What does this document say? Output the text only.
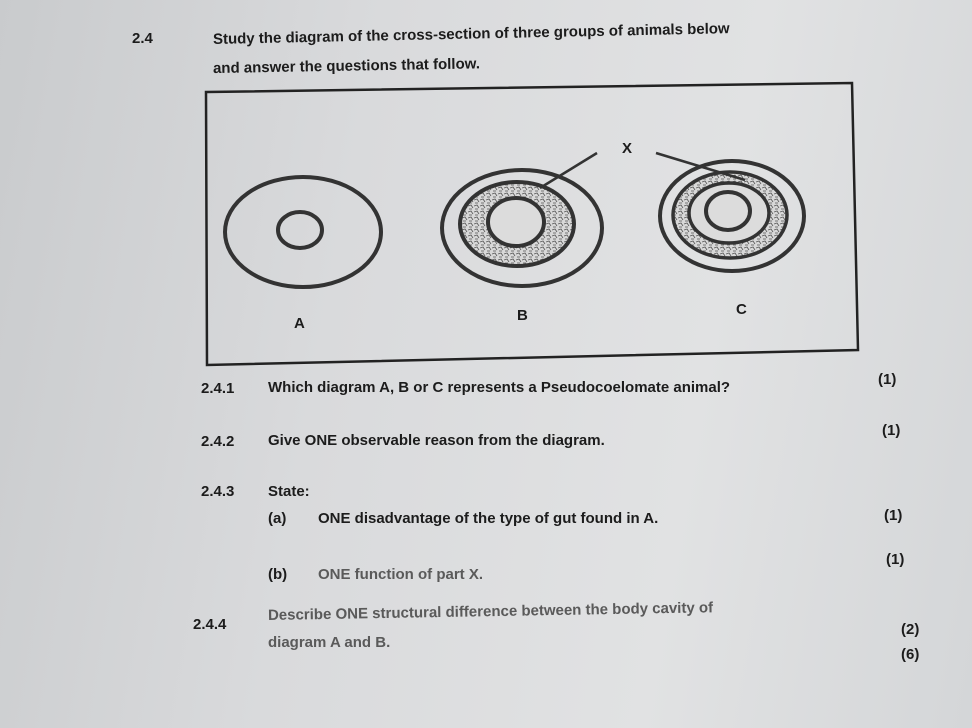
2.4	Study the diagram of the cross-section of three groups of animals below
and answer the questions that follow.
X
A	B	C
2.4.1 Which diagram A, B or C represents a Pseudocoelomate animal?	(1)
2.4.2 Give ONE observable reason from the diagram.
(1)
2.4.3 State:
(a) ONE disadvantage of the type of gut found in A.	(1)
(b) ONE function of part X.
(1)
2.4.4
Describe ONE structural difference between the body cavity of
diagram A and B.
(2)
(6)
